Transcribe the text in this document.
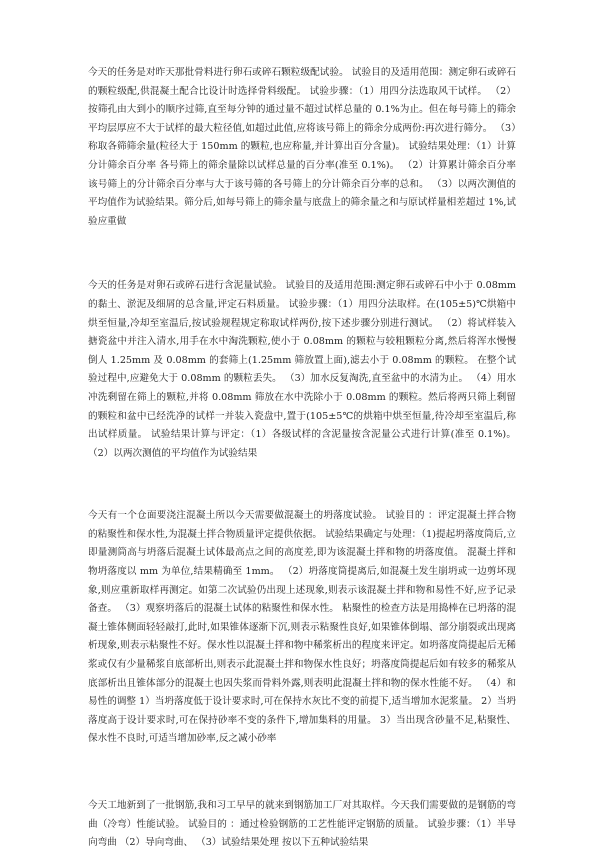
今天的任务是对昨天那批骨料进行卵石或碎石颗粒级配试验。 试验目的及适用范围：测定卵石或碎石的颗粒级配,供混凝土配合比设计时选择骨料级配。 试验步骤：（1）用四分法选取风干试样。 （2）按筛孔由大到小的顺序过筛,直至每分钟的通过量不超过试样总量的 0.1%为止。但在每号筛上的筛余平均层厚应不大于试样的最大粒径值,如超过此值,应将该号筛上的筛余分成两份:再次进行筛分。 （3）称取各筛筛余量(粒径大于 150mm 的颗粒,也应称量,并计算出百分含量)。 试验结果处理：（1）计算分计筛余百分率 各号筛上的筛余量除以试样总量的百分率(准至 0.1%)。 （2）计算累计筛余百分率 该号筛上的分计筛余百分率与大于该号筛的各号筛上的分计筛余百分率的总和。 （3）以两次测值的平均值作为试验结果。筛分后,如每号筛上的筛余量与底盘上的筛余量之和与原试样量相差超过 1%,试验应重做

今天的任务是对卵石或碎石进行含泥量试验。 试验目的及适用范围:测定卵石或碎石中小于 0.08mm 的黏土、淤泥及细屑的总含量,评定石料质量。 试验步骤：（1）用四分法取样。在(105±5)℃烘箱中烘至恒量,冷却至室温后,按试验规程规定称取试样两份,按下述步骤分别进行测试。 （2）将试样装入搪瓷盆中并注入清水,用手在水中淘洗颗粒,使小于 0.08mm 的颗粒与较粗颗粒分离,然后将浑水慢慢倒人 1.25mm 及 0.08mm 的套筛上(1.25mm 筛放置上面),滤去小于 0.08mm 的颗粒。 在整个试验过程中,应避免大于 0.08mm 的颗粒丢失。 （3）加水反复淘洗,直至盆中的水清为止。 （4）用水冲洗剩留在筛上的颗粒,并将 0.08mm 筛放在水中洗除小于 0.08mm 的颗粒。然后将两只筛上剩留的颗粒和盆中已经洗净的试样一并装入瓷盘中,置于(105±5℃的烘箱中烘至恒量,待冷却至室温后,称出试样质量。 试验结果计算与评定：（1）各级试样的含泥量按含泥量公式进行计算(准至 0.1%)。（2）以两次测值的平均值作为试验结果

今天有一个仓面要浇注混凝土所以今天需要做混凝土的坍落度试验。 试验目的 ：评定混凝土拌合物的粘聚性和保水性,为混凝土拌合物质量评定提供依据。 试验结果确定与处理：（1)提起坍落度筒后,立即量测筒高与坍落后混凝土试体最高点之间的高度差,即为该混凝土拌和物的坍落度值。 混凝土拌和物坍落度以 mm 为单位,结果精确至 1mm。 （2）坍落度筒提离后,如混凝土发生崩坍或一边剪坏现象,则应重新取样再测定。如第二次试验仍出现上述现象,则表示该混凝土拌和物和易性不好,应予记录备查。 （3）观察坍落后的混凝土试体的粘聚性和保水性。 粘聚性的检查方法是用捣棒在已坍落的混凝土锥体侧面轻轻敲打,此时,如果锥体逐渐下沉,则表示粘聚性良好,如果锥体倒塌、部分崩裂或出现离析现象,则表示粘聚性不好。保水性以混凝土拌和物中稀浆析出的程度来评定。如坍落度筒提起后无稀浆或仅有少量稀浆自底部析出,则表示此混凝土拌和物保水性良好；坍落度筒提起后如有较多的稀浆从底部析出且锥体部分的混凝土也因失浆而骨料外露,则表明此混凝土拌和物的保水性能不好。 （4）和易性的调整 1）当坍落度低于设计要求时,可在保持水灰比不变的前提下,适当增加水泥浆量。 2）当坍落度高于设计要求时,可在保持砂率不变的条件下,增加集料的用量。 3）当出现含砂量不足,粘聚性、保水性不良时,可适当增加砂率,反之减小砂率

今天工地新到了一批钢筋,我和习工早早的就来到钢筋加工厂对其取样。今天我们需要做的是钢筋的弯曲（冷弯）性能试验。 试验目的 ：通过检验钢筋的工艺性能评定钢筋的质量。 试验步骤：（1）半导向弯曲 （2）导向弯曲、 （3）试验结果处理 按以下五种试验结果
